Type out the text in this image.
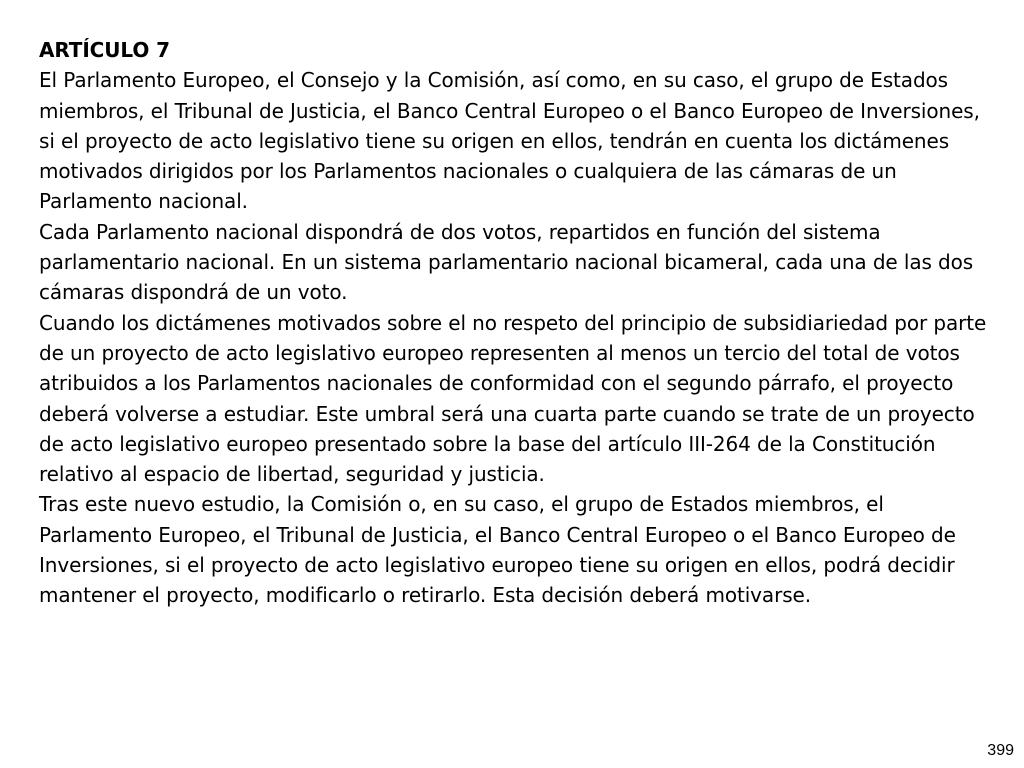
ARTÍCULO 7

El Parlamento Europeo, el Consejo y la Comisión, así como, en su caso, el grupo de Estados miembros, el Tribunal de Justicia, el Banco Central Europeo o el Banco Europeo de Inversiones, si el proyecto de acto legislativo tiene su origen en ellos, tendrán en cuenta los dictámenes motivados dirigidos por los Parlamentos nacionales o cualquiera de las cámaras de un Parlamento nacional.

Cada Parlamento nacional dispondrá de dos votos, repartidos en función del sistema parlamentario nacional. En un sistema parlamentario nacional bicameral, cada una de las dos cámaras dispondrá de un voto.

Cuando los dictámenes motivados sobre el no respeto del principio de subsidiariedad por parte de un proyecto de acto legislativo europeo representen al menos un tercio del total de votos atribuidos a los Parlamentos nacionales de conformidad con el segundo párrafo, el proyecto deberá volverse a estudiar. Este umbral será una cuarta parte cuando se trate de un proyecto de acto legislativo europeo presentado sobre la base del artículo III-264 de la Constitución relativo al espacio de libertad, seguridad y justicia.

Tras este nuevo estudio, la Comisión o, en su caso, el grupo de Estados miembros, el Parlamento Europeo, el Tribunal de Justicia, el Banco Central Europeo o el Banco Europeo de Inversiones, si el proyecto de acto legislativo europeo tiene su origen en ellos, podrá decidir mantener el proyecto, modificarlo o retirarlo. Esta decisión deberá motivarse.

399
